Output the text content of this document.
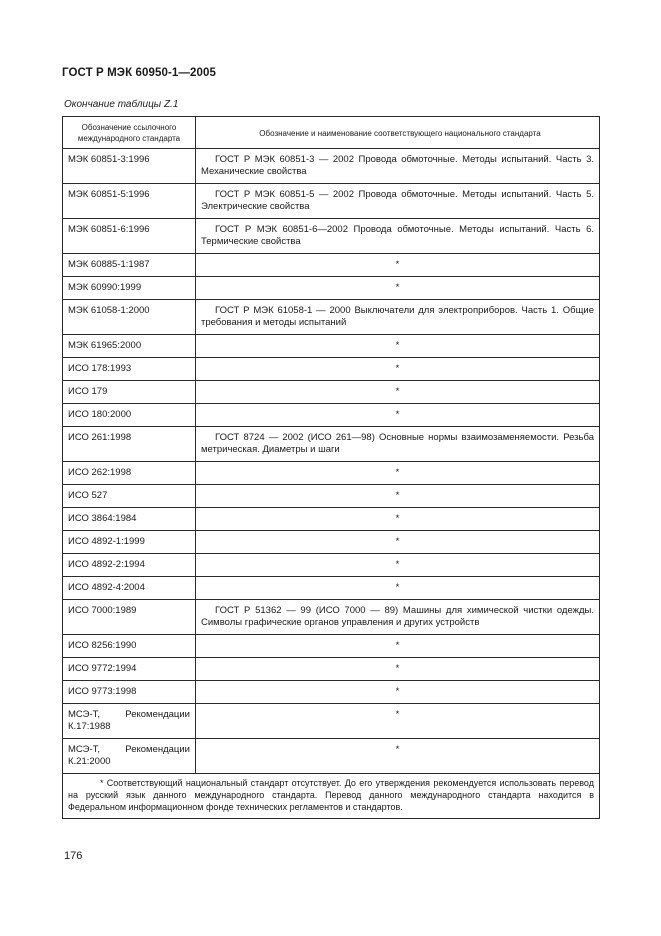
ГОСТ Р МЭК 60950-1—2005
Окончание таблицы Z.1
Обозначение ссылочного международного стандарта	Обозначение и наименование соответствующего национального стандарта
МЭК 60851-3:1996	ГОСТ Р МЭК 60851-3 — 2002 Провода обмоточные. Методы испытаний. Часть 3. Механические свойства

МЭК 60851-5:1996	ГОСТ Р МЭК 60851-5 — 2002 Провода обмоточные. Методы испытаний. Часть 5. Электрические свойства

МЭК 60851-6:1996	ГОСТ Р МЭК 60851-6—2002 Провода обмоточные. Методы испытаний. Часть 6. Термические свойства

МЭК 60885-1:1987	*
МЭК 60990:1999	*
МЭК 61058-1:2000	ГОСТ Р МЭК 61058-1 — 2000 Выключатели для электроприборов. Часть 1. Общие требования и методы испытаний

МЭК 61965:2000	*
ИСО 178:1993	*
ИСО 179	*
ИСО 180:2000	*
ИСО 261:1998	ГОСТ 8724 — 2002 (ИСО 261—98) Основные нормы взаимозаменяемости. Резьба метрическая. Диаметры и шаги

ИСО 262:1998	*
ИСО 527	*
ИСО 3864:1984	*
ИСО 4892-1:1999	*
ИСО 4892-2:1994	*
ИСО 4892-4:2004	*
ИСО 7000:1989	ГОСТ Р 51362 — 99 (ИСО 7000 — 89) Машины для химической чистки одежды. Символы графические органов управления и других устройств

ИСО 8256:1990	*
ИСО 9772:1994	*
ИСО 9773:1998	*
МСЭ-Т, Рекомендации К.17:1988	*
МСЭ-Т, Рекомендации К.21:2000	*

* Соответствующий национальный стандарт отсутствует. До его утверждения рекомендуется использовать перевод на русский язык данного международного стандарта. Перевод данного международного стандарта находится в Федеральном информационном фонде технических регламентов и стандартов.	
176
